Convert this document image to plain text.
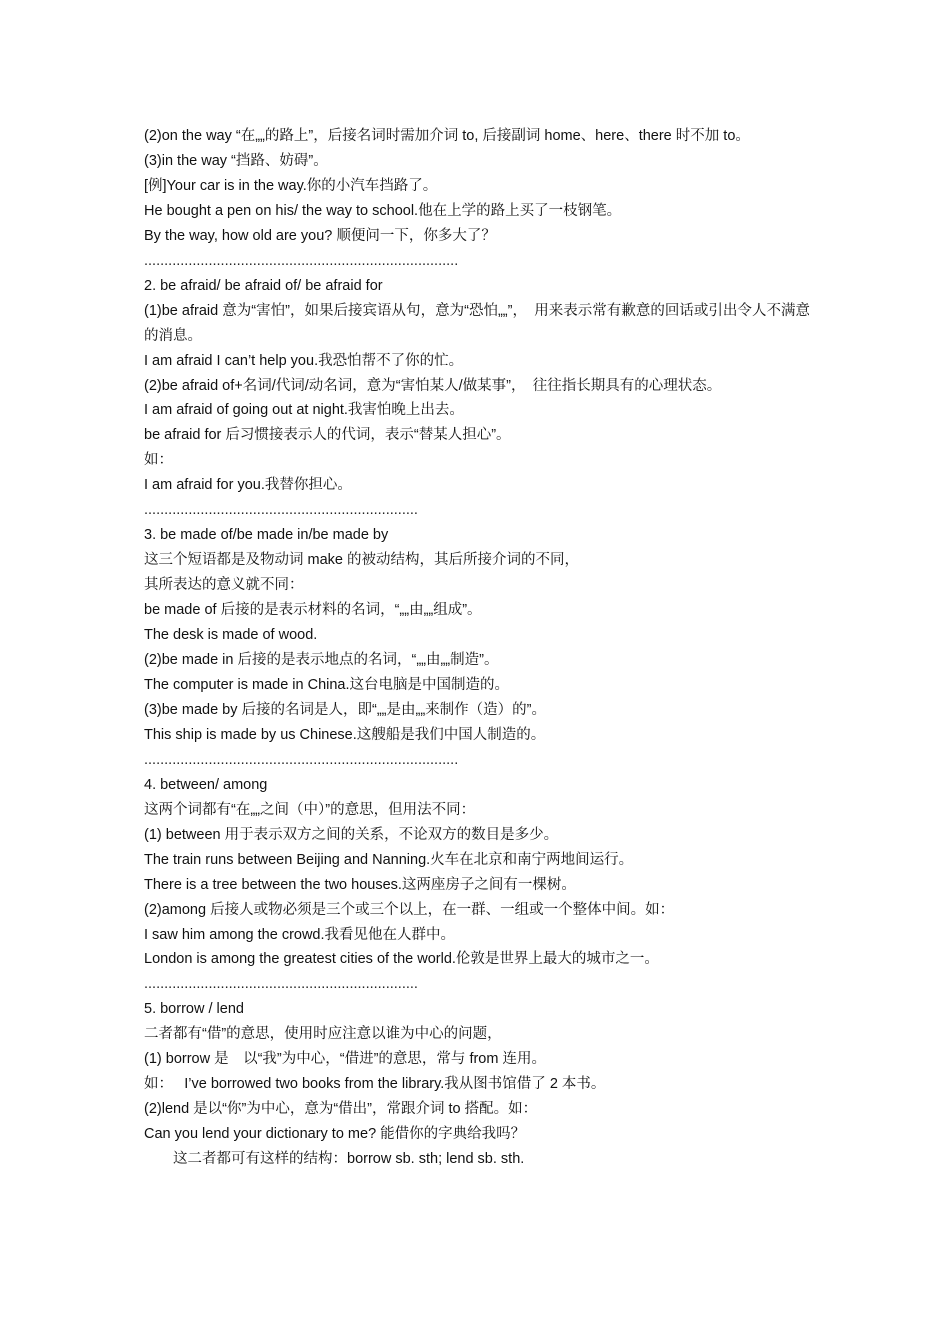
(2)on the way “在„„的路上”，后接名词时需加介词 to, 后接副词 home、here、there 时不加 to。
(3)in the way “挡路、妨碍”。
[例]Your car is in the way.你的小汽车挡路了。
He bought a pen on his/ the way to school.他在上学的路上买了一枝钢笔。
By the way, how old are you? 顺便问一下，你多大了？
..............................................................................
2. be afraid/ be afraid of/ be afraid for
(1)be afraid 意为“害怕”，如果后接宾语从句，意为“恐怕„„”，　用来表示常有歉意的回话或引出令人不满意的消息。
I am afraid I can’t help you.我恐怕帮不了你的忙。
(2)be afraid of+名词/代词/动名词，意为“害怕某人/做某事”，　往往指长期具有的心理状态。
I am afraid of going out at night.我害怕晚上出去。
be afraid for 后习惯接表示人的代词，表示“替某人担心”。
如：
I am afraid for you.我替你担心。
....................................................................
3. be made of/be made in/be made by
这三个短语都是及物动词 make 的被动结构，其后所接介词的不同，
其所表达的意义就不同：
be made of 后接的是表示材料的名词，“„„由„„组成”。
The desk is made of wood.
(2)be made in 后接的是表示地点的名词，“„„由„„制造”。
The computer is made in China.这台电脑是中国制造的。
(3)be made by 后接的名词是人，即“„„是由„„来制作（造）的”。
This ship is made by us Chinese.这艘船是我们中国人制造的。
..............................................................................
4. between/ among
这两个词都有“在„„之间（中）”的意思，但用法不同：
(1) between 用于表示双方之间的关系，不论双方的数目是多少。
The train runs between Beijing and Nanning.火车在北京和南宁两地间运行。
There is a tree between the two houses.这两座房子之间有一棵树。
(2)among 后接人或物必须是三个或三个以上，在一群、一组或一个整体中间。如：
I saw him among the crowd.我看见他在人群中。
London is among the greatest cities of the world.伦敦是世界上最大的城市之一。
....................................................................
5. borrow / lend
二者都有“借”的意思，使用时应注意以谁为中心的问题，
(1) borrow 是　以“我”为中心，“借进”的意思，常与 from 连用。
如：　 I’ve borrowed two books from the library.我从图书馆借了 2 本书。
(2)lend 是以“你”为中心，意为“借出”，常跟介词 to 搭配。如：
Can you lend your dictionary to me? 能借你的字典给我吗？
　　这二者都可有这样的结构：borrow sb. sth; lend sb. sth.
